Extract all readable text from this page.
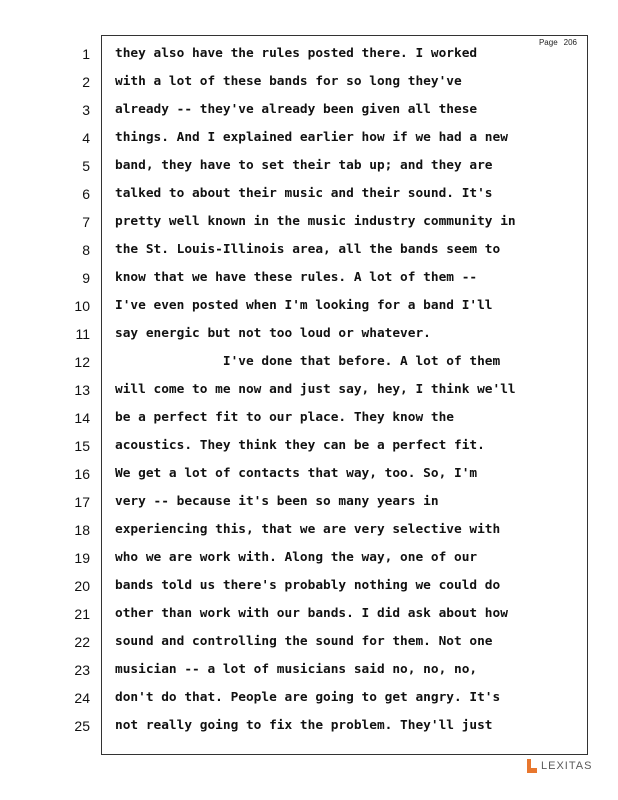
Page 206
1
2
3
4
5
6
7
8
9
10
11
12
13
14
15
16
17
18
19
20
21
22
23
24
25
they also have the rules posted there. I worked
with a lot of these bands for so long they've
already -- they've already been given all these
things. And I explained earlier how if we had a new
band, they have to set their tab up; and they are
talked to about their music and their sound. It's
pretty well known in the music industry community in
the St. Louis-Illinois area, all the bands seem to
know that we have these rules. A lot of them --
I've even posted when I'm looking for a band I'll
say energic but not too loud or whatever.
I've done that before. A lot of them
will come to me now and just say, hey, I think we'll
be a perfect fit to our place. They know the
acoustics. They think they can be a perfect fit.
We get a lot of contacts that way, too. So, I'm
very -- because it's been so many years in
experiencing this, that we are very selective with
who we are work with. Along the way, one of our
bands told us there's probably nothing we could do
other than work with our bands. I did ask about how
sound and controlling the sound for them. Not one
musician -- a lot of musicians said no, no, no,
don't do that. People are going to get angry. It's
not really going to fix the problem. They'll just
LEXITAS
